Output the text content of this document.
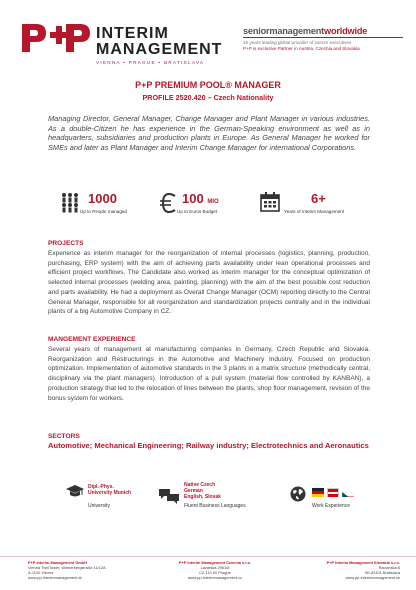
INTERIM
MANAGEMENT
VIENNA • PRAGUE • BRATISLAVA
seniormanagementworldwide
15 years leading global provider of interim executives
P+P is exclusive Partner in Austria, Czechia and Slovakia
P+P PREMIUM POOL® MANAGER
PROFILE 2520.420 – Czech Nationality
Managing Director, General Manager, Change Manager and Plant Manager in various industries. As a double-Citizen he has experience in the German-Speaking environment as well as in headquarters, subsidiaries and production plants in Europe. As General Manager he worked for SMEs and later as Plant Manager and Interim Change Manager for international Corporations.
1000
Up to People managed
100 MIO
Up to Euros Budget
6+
Years of Interim Management
PROJECTS
Experience as interim manager for the reorganization of internal processes (logistics, planning, production, purchasing, ERP system) with the aim of achieving parts availability under lean operational processes and efficient project workflows. The Candidate also worked as interim manager for the conceptual optimization of selected internal processes (welding area, painting, planning) with the aim of the best possible cost reduction and parts availability. He had a deployment as Overall Change Manager (OCM) reporting directly to the Central General Manager, responsible for all reorganization and standardization projects centrally and in the individual plants of a big Automotive Company in CZ.
MANGEMENT EXPERIENCE
Several years of management at manufacturing companies in Germany, Czech Republic and Slovakia. Reorganization and Restructurings in the Automotive and Machinery Industry. Focused on production optimization. Implementation of automotive standards in the 3 plants in a matrix structure (methodically central, disciplinary via the plant managers). Introduction of a pull system (material flow controlled by KANBAN), a production strategy that led to the relocation of lines between the plants, shop floor management, revision of the bonus system for workers.
SECTORS
Automotive; Mechanical Engineering; Railway industry; Electrotechnics and Aeronautics
Dipl.-Phys.
University Munich
University
Native Czech
German
English, Slovak
Fluent Business Languages	Work Experience
P+P Interim Management GmbH
Vienna TwinTower, Wienerbergstraße 11/12A
A-1100 Vienna
www.pp-interimmanagement.at
P+P Interim Management Czechia s.r.o.
Lazarska 2961/8
CZ-110 00 Prague
www.pp-interimmanagement.cz
P+P Interim Management Slovakia s.r.o.
Racianska 8
SK-81101 Bratislava
www.pp-interimmanagement.sk
